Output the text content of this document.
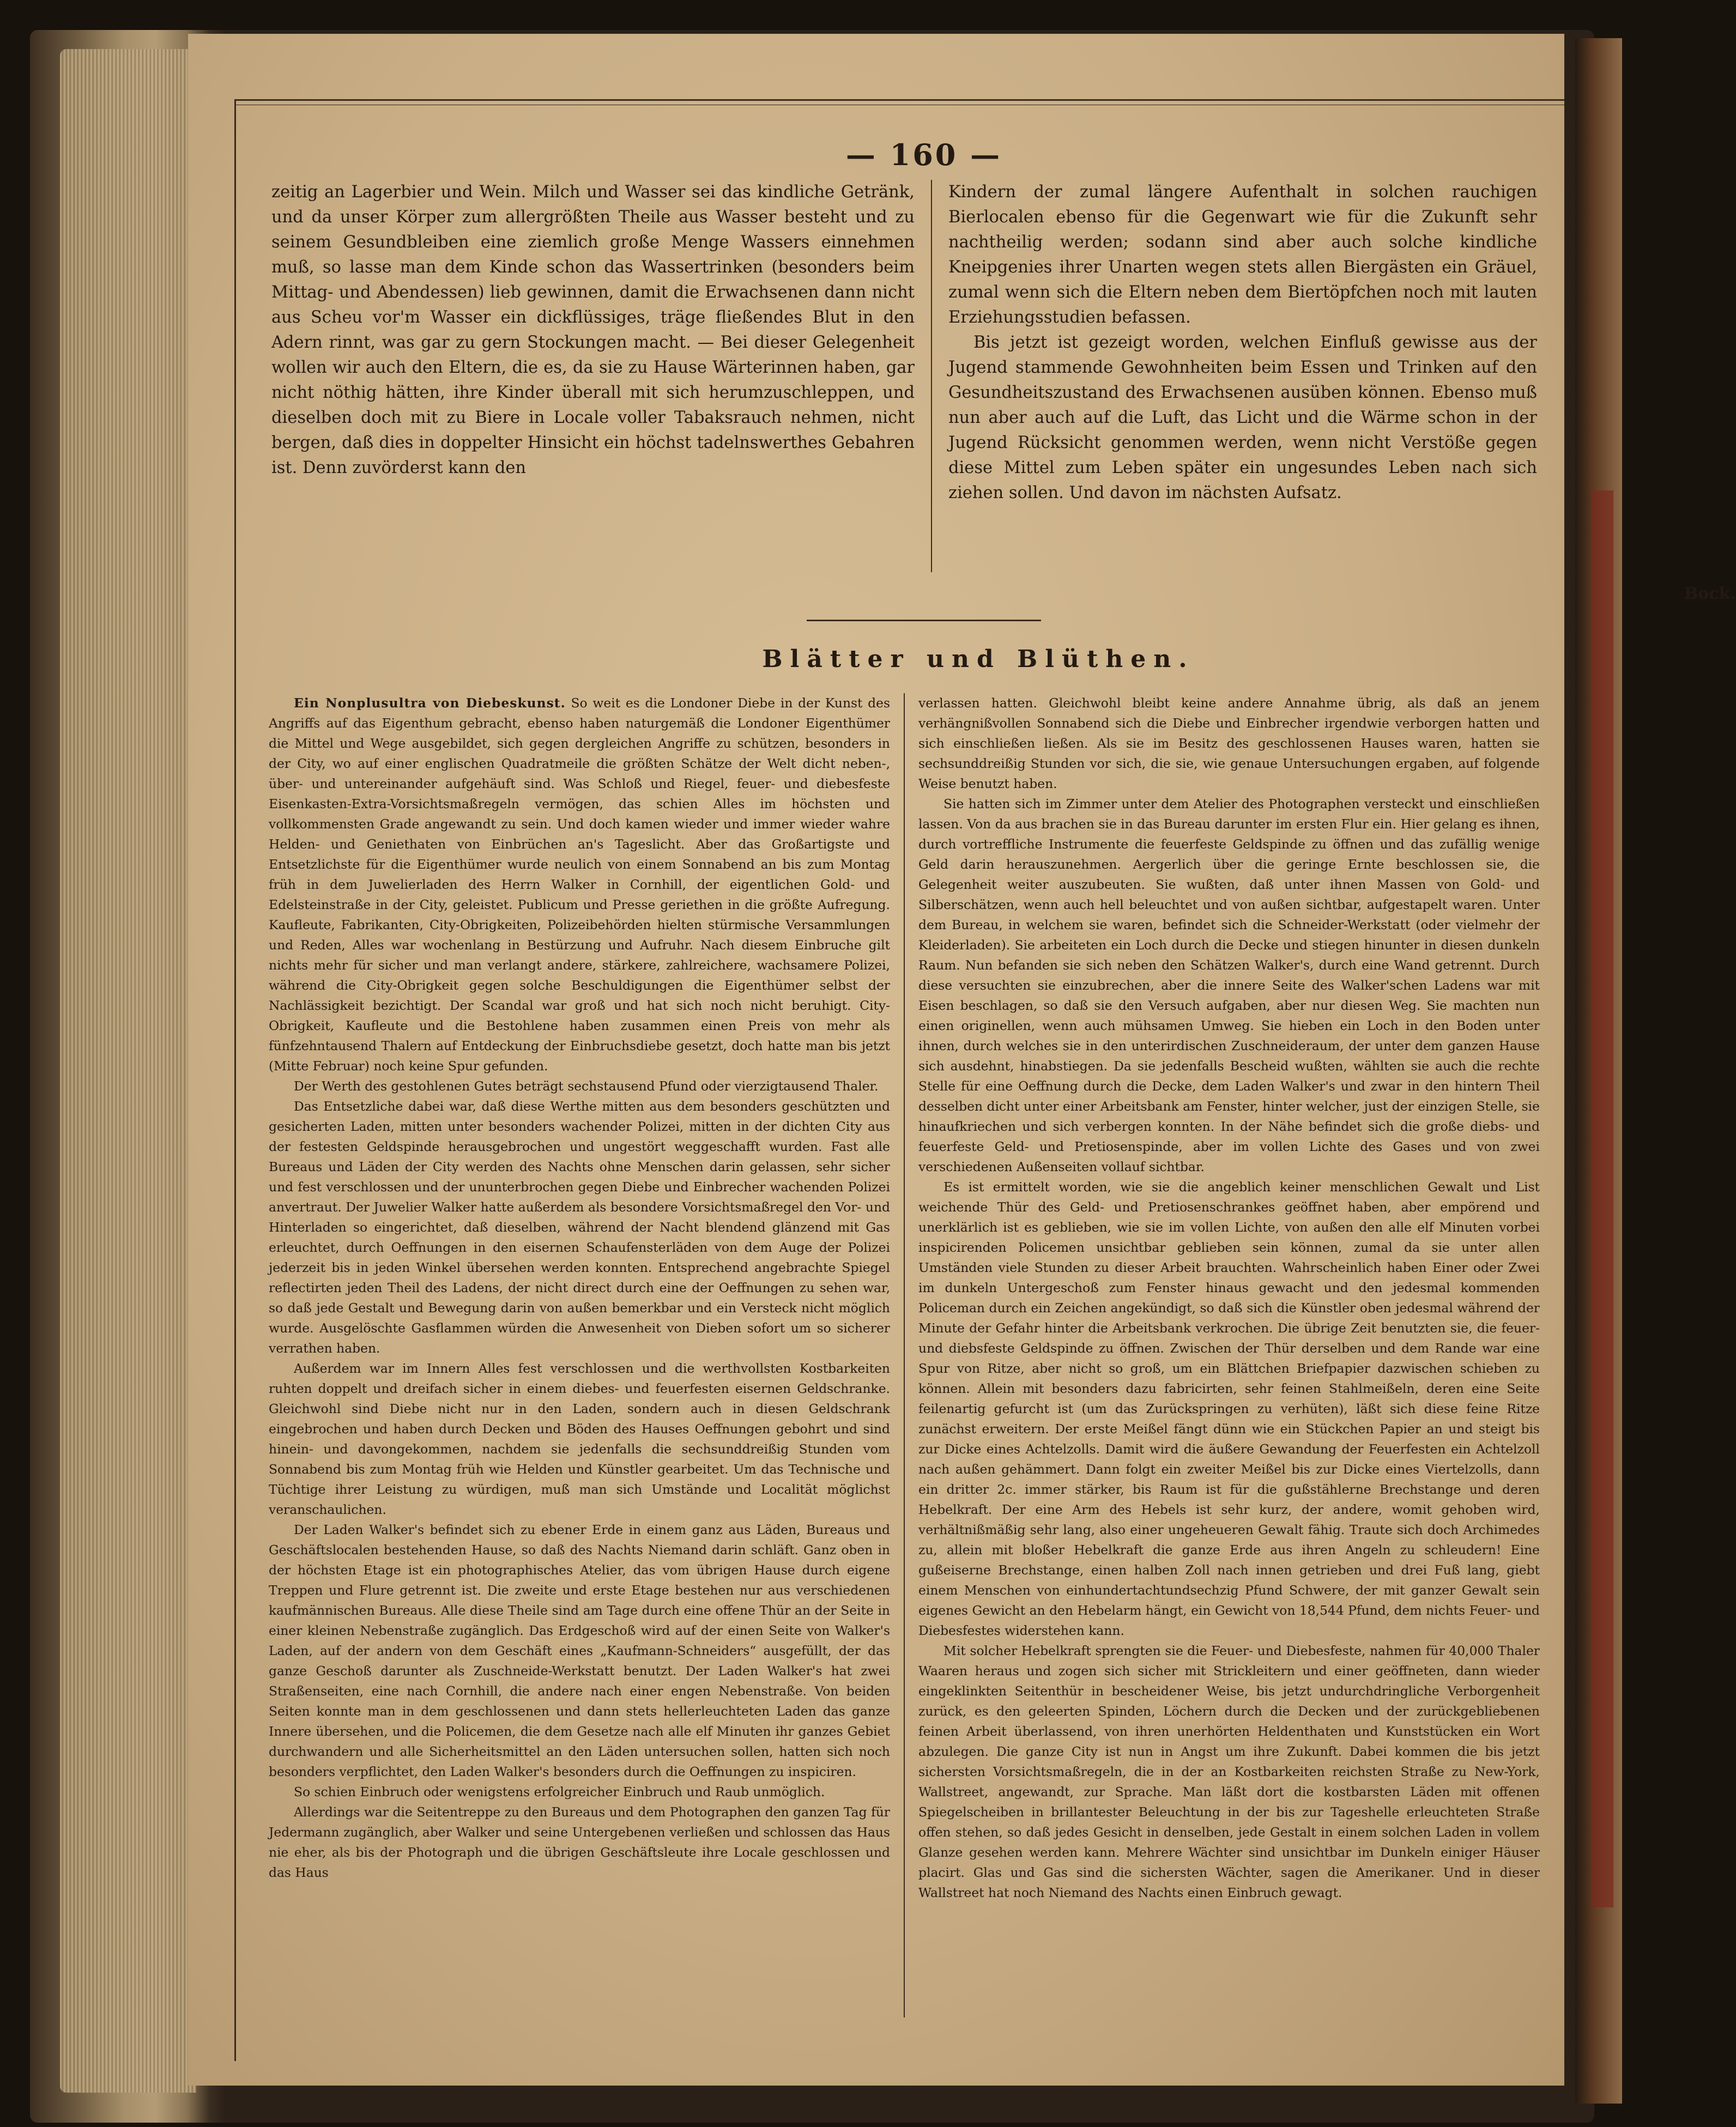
— 160 —

zeitig an Lagerbier und Wein. Milch und Wasser sei das kindliche Getränk, und da unser Körper zum allergrößten Theile aus Wasser besteht und zu seinem Gesundbleiben eine ziemlich große Menge Wassers einnehmen muß, so lasse man dem Kinde schon das Wassertrinken (besonders beim Mittag- und Abendessen) lieb gewinnen, damit die Erwachsenen dann nicht aus Scheu vor'm Wasser ein dickflüssiges, träge fließendes Blut in den Adern rinnt, was gar zu gern Stockungen macht. — Bei dieser Gelegenheit wollen wir auch den Eltern, die es, da sie zu Hause Wärterinnen haben, gar nicht nöthig hätten, ihre Kinder überall mit sich herumzuschleppen, und dieselben doch mit zu Biere in Locale voller Tabaksrauch nehmen, nicht bergen, daß dies in doppelter Hinsicht ein höchst tadelnswerthes Gebahren ist. Denn zuvörderst kann den

Kindern der zumal längere Aufenthalt in solchen rauchigen Bierlocalen ebenso für die Gegenwart wie für die Zukunft sehr nachtheilig werden; sodann sind aber auch solche kindliche Kneipgenies ihrer Unarten wegen stets allen Biergästen ein Gräuel, zumal wenn sich die Eltern neben dem Biertöpfchen noch mit lauten Erziehungsstudien befassen.

Bis jetzt ist gezeigt worden, welchen Einfluß gewisse aus der Jugend stammende Gewohnheiten beim Essen und Trinken auf den Gesundheitszustand des Erwachsenen ausüben können. Ebenso muß nun aber auch auf die Luft, das Licht und die Wärme schon in der Jugend Rücksicht genommen werden, wenn nicht Verstöße gegen diese Mittel zum Leben später ein ungesundes Leben nach sich ziehen sollen. Und davon im nächsten Aufsatz.

Bock.
Blätter und Blüthen.

Ein Nonplusultra von Diebeskunst. So weit es die Londoner Diebe in der Kunst des Angriffs auf das Eigenthum gebracht, ebenso haben naturgemäß die Londoner Eigenthümer die Mittel und Wege ausgebildet, sich gegen dergleichen Angriffe zu schützen, besonders in der City, wo auf einer englischen Quadratmeile die größten Schätze der Welt dicht neben-, über- und untereinander aufgehäuft sind. Was Schloß und Riegel, feuer- und diebesfeste Eisenkasten-Extra-Vorsichtsmaßregeln vermögen, das schien Alles im höchsten und vollkommensten Grade angewandt zu sein. Und doch kamen wieder und immer wieder wahre Helden- und Geniethaten von Einbrüchen an's Tageslicht. Aber das Großartigste und Entsetzlichste für die Eigenthümer wurde neulich von einem Sonnabend an bis zum Montag früh in dem Juwelierladen des Herrn Walker in Cornhill, der eigentlichen Gold- und Edelsteinstraße in der City, geleistet. Publicum und Presse geriethen in die größte Aufregung. Kaufleute, Fabrikanten, City-Obrigkeiten, Polizeibehörden hielten stürmische Versammlungen und Reden, Alles war wochenlang in Bestürzung und Aufruhr. Nach diesem Einbruche gilt nichts mehr für sicher und man verlangt andere, stärkere, zahlreichere, wachsamere Polizei, während die City-Obrigkeit gegen solche Beschuldigungen die Eigenthümer selbst der Nachlässigkeit bezichtigt. Der Scandal war groß und hat sich noch nicht beruhigt. City-Obrigkeit, Kaufleute und die Bestohlene haben zusammen einen Preis von mehr als fünfzehntausend Thalern auf Entdeckung der Einbruchsdiebe gesetzt, doch hatte man bis jetzt (Mitte Februar) noch keine Spur gefunden.

Der Werth des gestohlenen Gutes beträgt sechstausend Pfund oder vierzigtausend Thaler.

Das Entsetzliche dabei war, daß diese Werthe mitten aus dem besonders geschützten und gesicherten Laden, mitten unter besonders wachender Polizei, mitten in der dichten City aus der festesten Geldspinde herausgebrochen und ungestört weggeschafft wurden. Fast alle Bureaus und Läden der City werden des Nachts ohne Menschen darin gelassen, sehr sicher und fest verschlossen und der ununterbrochen gegen Diebe und Einbrecher wachenden Polizei anvertraut. Der Juwelier Walker hatte außerdem als besondere Vorsichtsmaßregel den Vor- und Hinterladen so eingerichtet, daß dieselben, während der Nacht blendend glänzend mit Gas erleuchtet, durch Oeffnungen in den eisernen Schaufensterläden von dem Auge der Polizei jederzeit bis in jeden Winkel übersehen werden konnten. Entsprechend angebrachte Spiegel reflectirten jeden Theil des Ladens, der nicht direct durch eine der Oeffnungen zu sehen war, so daß jede Gestalt und Bewegung darin von außen bemerkbar und ein Versteck nicht möglich wurde. Ausgelöschte Gasflammen würden die Anwesenheit von Dieben sofort um so sicherer verrathen haben.

Außerdem war im Innern Alles fest verschlossen und die werthvollsten Kostbarkeiten ruhten doppelt und dreifach sicher in einem diebes- und feuerfesten eisernen Geldschranke. Gleichwohl sind Diebe nicht nur in den Laden, sondern auch in diesen Geldschrank eingebrochen und haben durch Decken und Böden des Hauses Oeffnungen gebohrt und sind hinein- und davongekommen, nachdem sie jedenfalls die sechsunddreißig Stunden vom Sonnabend bis zum Montag früh wie Helden und Künstler gearbeitet. Um das Technische und Tüchtige ihrer Leistung zu würdigen, muß man sich Umstände und Localität möglichst veranschaulichen.

Der Laden Walker's befindet sich zu ebener Erde in einem ganz aus Läden, Bureaus und Geschäftslocalen bestehenden Hause, so daß des Nachts Niemand darin schläft. Ganz oben in der höchsten Etage ist ein photographisches Atelier, das vom übrigen Hause durch eigene Treppen und Flure getrennt ist. Die zweite und erste Etage bestehen nur aus verschiedenen kaufmännischen Bureaus. Alle diese Theile sind am Tage durch eine offene Thür an der Seite in einer kleinen Nebenstraße zugänglich. Das Erdgeschoß wird auf der einen Seite von Walker's Laden, auf der andern von dem Geschäft eines „Kaufmann-Schneiders“ ausgefüllt, der das ganze Geschoß darunter als Zuschneide-Werkstatt benutzt. Der Laden Walker's hat zwei Straßenseiten, eine nach Cornhill, die andere nach einer engen Nebenstraße. Von beiden Seiten konnte man in dem geschlossenen und dann stets hellerleuchteten Laden das ganze Innere übersehen, und die Policemen, die dem Gesetze nach alle elf Minuten ihr ganzes Gebiet durchwandern und alle Sicherheitsmittel an den Läden untersuchen sollen, hatten sich noch besonders verpflichtet, den Laden Walker's besonders durch die Oeffnungen zu inspiciren.

So schien Einbruch oder wenigstens erfolgreicher Einbruch und Raub unmöglich.

Allerdings war die Seitentreppe zu den Bureaus und dem Photographen den ganzen Tag für Jedermann zugänglich, aber Walker und seine Untergebenen verließen und schlossen das Haus nie eher, als bis der Photograph und die übrigen Geschäftsleute ihre Locale geschlossen und das Haus

verlassen hatten. Gleichwohl bleibt keine andere Annahme übrig, als daß an jenem verhängnißvollen Sonnabend sich die Diebe und Einbrecher irgendwie verborgen hatten und sich einschließen ließen. Als sie im Besitz des geschlossenen Hauses waren, hatten sie sechsunddreißig Stunden vor sich, die sie, wie genaue Untersuchungen ergaben, auf folgende Weise benutzt haben.

Sie hatten sich im Zimmer unter dem Atelier des Photographen versteckt und einschließen lassen. Von da aus brachen sie in das Bureau darunter im ersten Flur ein. Hier gelang es ihnen, durch vortreffliche Instrumente die feuerfeste Geldspinde zu öffnen und das zufällig wenige Geld darin herauszunehmen. Aergerlich über die geringe Ernte beschlossen sie, die Gelegenheit weiter auszubeuten. Sie wußten, daß unter ihnen Massen von Gold- und Silberschätzen, wenn auch hell beleuchtet und von außen sichtbar, aufgestapelt waren. Unter dem Bureau, in welchem sie waren, befindet sich die Schneider-Werkstatt (oder vielmehr der Kleiderladen). Sie arbeiteten ein Loch durch die Decke und stiegen hinunter in diesen dunkeln Raum. Nun befanden sie sich neben den Schätzen Walker's, durch eine Wand getrennt. Durch diese versuchten sie einzubrechen, aber die innere Seite des Walker'schen Ladens war mit Eisen beschlagen, so daß sie den Versuch aufgaben, aber nur diesen Weg. Sie machten nun einen originellen, wenn auch mühsamen Umweg. Sie hieben ein Loch in den Boden unter ihnen, durch welches sie in den unterirdischen Zuschneideraum, der unter dem ganzen Hause sich ausdehnt, hinabstiegen. Da sie jedenfalls Bescheid wußten, wählten sie auch die rechte Stelle für eine Oeffnung durch die Decke, dem Laden Walker's und zwar in den hintern Theil desselben dicht unter einer Arbeitsbank am Fenster, hinter welcher, just der einzigen Stelle, sie hinaufkriechen und sich verbergen konnten. In der Nähe befindet sich die große diebs- und feuerfeste Geld- und Pretiosenspinde, aber im vollen Lichte des Gases und von zwei verschiedenen Außenseiten vollauf sichtbar.

Es ist ermittelt worden, wie sie die angeblich keiner menschlichen Gewalt und List weichende Thür des Geld- und Pretiosenschrankes geöffnet haben, aber empörend und unerklärlich ist es geblieben, wie sie im vollen Lichte, von außen den alle elf Minuten vorbei inspicirenden Policemen unsichtbar geblieben sein können, zumal da sie unter allen Umständen viele Stunden zu dieser Arbeit brauchten. Wahrscheinlich haben Einer oder Zwei im dunkeln Untergeschoß zum Fenster hinaus gewacht und den jedesmal kommenden Policeman durch ein Zeichen angekündigt, so daß sich die Künstler oben jedesmal während der Minute der Gefahr hinter die Arbeitsbank verkrochen. Die übrige Zeit benutzten sie, die feuer- und diebsfeste Geldspinde zu öffnen. Zwischen der Thür derselben und dem Rande war eine Spur von Ritze, aber nicht so groß, um ein Blättchen Briefpapier dazwischen schieben zu können. Allein mit besonders dazu fabricirten, sehr feinen Stahlmeißeln, deren eine Seite feilenartig gefurcht ist (um das Zurückspringen zu verhüten), läßt sich diese feine Ritze zunächst erweitern. Der erste Meißel fängt dünn wie ein Stückchen Papier an und steigt bis zur Dicke eines Achtelzolls. Damit wird die äußere Gewandung der Feuerfesten ein Achtelzoll nach außen gehämmert. Dann folgt ein zweiter Meißel bis zur Dicke eines Viertelzolls, dann ein dritter 2c. immer stärker, bis Raum ist für die gußstählerne Brechstange und deren Hebelkraft. Der eine Arm des Hebels ist sehr kurz, der andere, womit gehoben wird, verhältnißmäßig sehr lang, also einer ungeheueren Gewalt fähig. Traute sich doch Archimedes zu, allein mit bloßer Hebelkraft die ganze Erde aus ihren Angeln zu schleudern! Eine gußeiserne Brechstange, einen halben Zoll nach innen getrieben und drei Fuß lang, giebt einem Menschen von einhundertachtundsechzig Pfund Schwere, der mit ganzer Gewalt sein eigenes Gewicht an den Hebelarm hängt, ein Gewicht von 18,544 Pfund, dem nichts Feuer- und Diebesfestes widerstehen kann.

Mit solcher Hebelkraft sprengten sie die Feuer- und Diebesfeste, nahmen für 40,000 Thaler Waaren heraus und zogen sich sicher mit Strickleitern und einer geöffneten, dann wieder eingeklinkten Seitenthür in bescheidener Weise, bis jetzt undurchdringliche Verborgenheit zurück, es den geleerten Spinden, Löchern durch die Decken und der zurückgebliebenen feinen Arbeit überlassend, von ihren unerhörten Heldenthaten und Kunststücken ein Wort abzulegen. Die ganze City ist nun in Angst um ihre Zukunft. Dabei kommen die bis jetzt sichersten Vorsichtsmaßregeln, die in der an Kostbarkeiten reichsten Straße zu New-York, Wallstreet, angewandt, zur Sprache. Man läßt dort die kostbarsten Läden mit offenen Spiegelscheiben in brillantester Beleuchtung in der bis zur Tageshelle erleuchteten Straße offen stehen, so daß jedes Gesicht in denselben, jede Gestalt in einem solchen Laden in vollem Glanze gesehen werden kann. Mehrere Wächter sind unsichtbar im Dunkeln einiger Häuser placirt. Glas und Gas sind die sichersten Wächter, sagen die Amerikaner. Und in dieser Wallstreet hat noch Niemand des Nachts einen Einbruch gewagt.
